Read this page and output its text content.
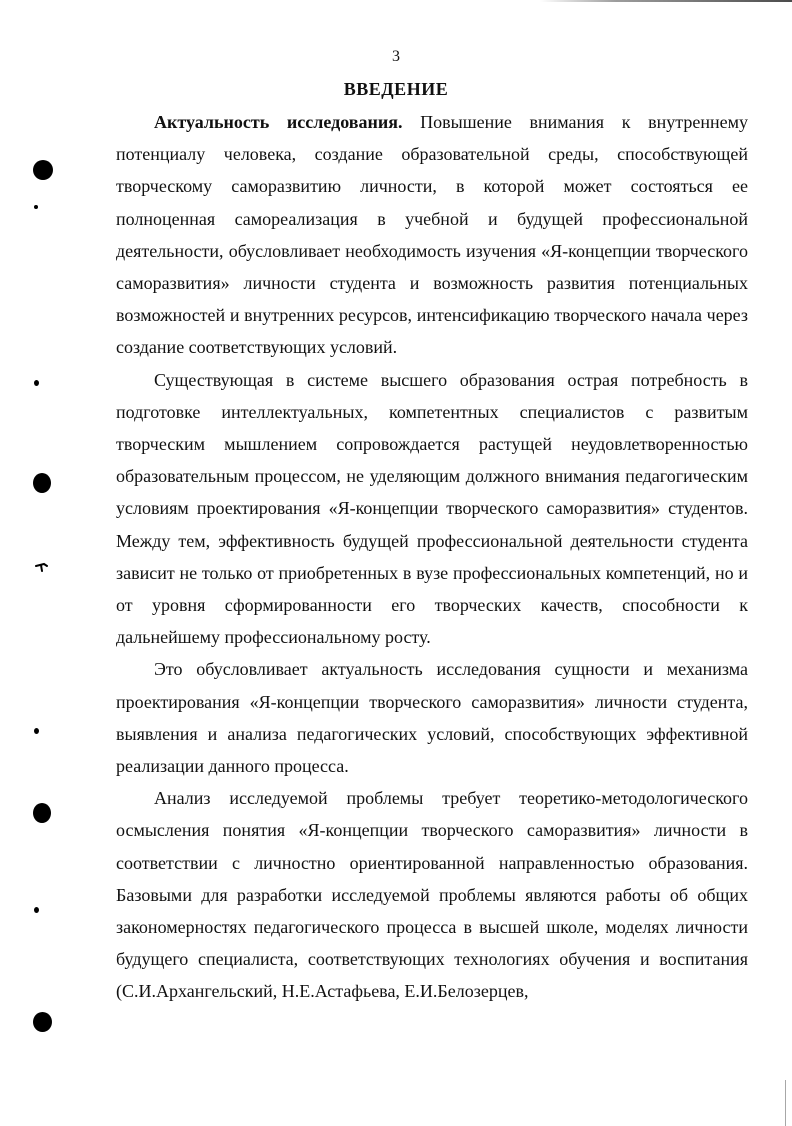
3
ВВЕДЕНИЕ

Актуальность исследования. Повышение внимания к внутреннему потенциалу человека, создание образовательной среды, способствующей творческому саморазвитию личности, в которой может состояться ее полноценная самореализация в учебной и будущей профессиональной деятельности, обусловливает необходимость изучения «Я-концепции творческого саморазвития» личности студента и возможность развития потенциальных возможностей и внутренних ресурсов, интенсификацию творческого начала через создание соответствующих условий.

Существующая в системе высшего образования острая потребность в подготовке интеллектуальных, компетентных специалистов с развитым творческим мышлением сопровождается растущей неудовлетворенностью образовательным процессом, не уделяющим должного внимания педагогическим условиям проектирования «Я-концепции творческого саморазвития» студентов. Между тем, эффективность будущей профессиональной деятельности студента зависит не только от приобретенных в вузе профессиональных компетенций, но и от уровня сформированности его творческих качеств, способности к дальнейшему профессиональному росту.

Это обусловливает актуальность исследования сущности и механизма проектирования «Я-концепции творческого саморазвития» личности студента, выявления и анализа педагогических условий, способствующих эффективной реализации данного процесса.

Анализ исследуемой проблемы требует теоретико-методологического осмысления понятия «Я-концепции творческого саморазвития» личности в соответствии с личностно ориентированной направленностью образования. Базовыми для разработки исследуемой проблемы являются работы об общих закономерностях педагогического процесса в высшей школе, моделях личности будущего специалиста, соответствующих технологиях обучения и воспитания (С.И.Архангельский, Н.Е.Астафьева, Е.И.Белозерцев,
